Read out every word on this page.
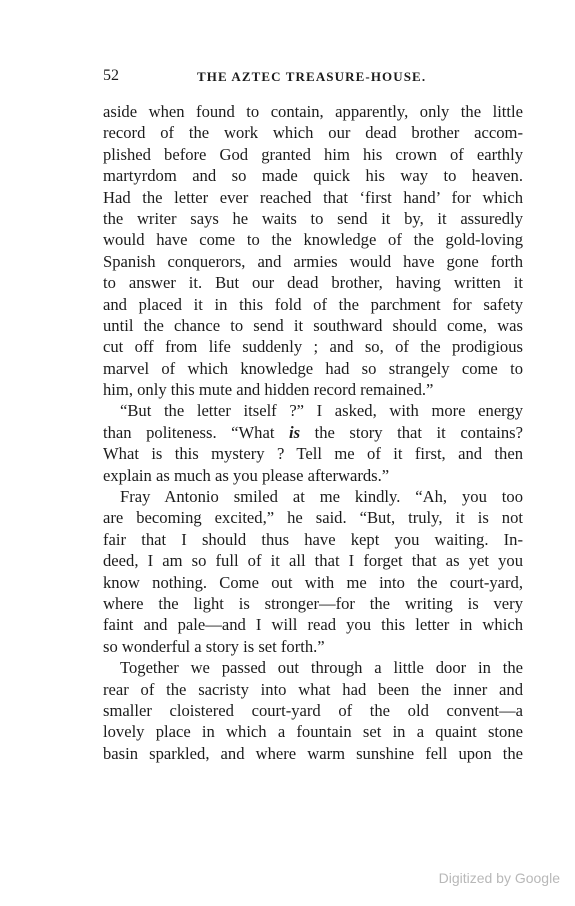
52	THE AZTEC TREASURE-HOUSE.
aside when found to contain, apparently, only the little
record of the work which our dead brother accom-
plished before God granted him his crown of earthly
martyrdom and so made quick his way to heaven.
Had the letter ever reached that ‘first hand’ for which
the writer says he waits to send it by, it assuredly
would have come to the knowledge of the gold-loving
Spanish conquerors, and armies would have gone forth
to answer it. But our dead brother, having written it
and placed it in this fold of the parchment for safety
until the chance to send it southward should come, was
cut off from life suddenly ; and so, of the prodigious
marvel of which knowledge had so strangely come to
him, only this mute and hidden record remained.”
“But the letter itself ?” I asked, with more energy
than politeness. “What is the story that it contains?
What is this mystery ? Tell me of it first, and then
explain as much as you please afterwards.”
Fray Antonio smiled at me kindly. “Ah, you too
are becoming excited,” he said. “But, truly, it is not
fair that I should thus have kept you waiting. In-
deed, I am so full of it all that I forget that as yet you
know nothing. Come out with me into the court-yard,
where the light is stronger—for the writing is very
faint and pale—and I will read you this letter in which
so wonderful a story is set forth.”
Together we passed out through a little door in the
rear of the sacristy into what had been the inner and
smaller cloistered court-yard of the old convent—a
lovely place in which a fountain set in a quaint stone
basin sparkled, and where warm sunshine fell upon the
Digitized by Google
